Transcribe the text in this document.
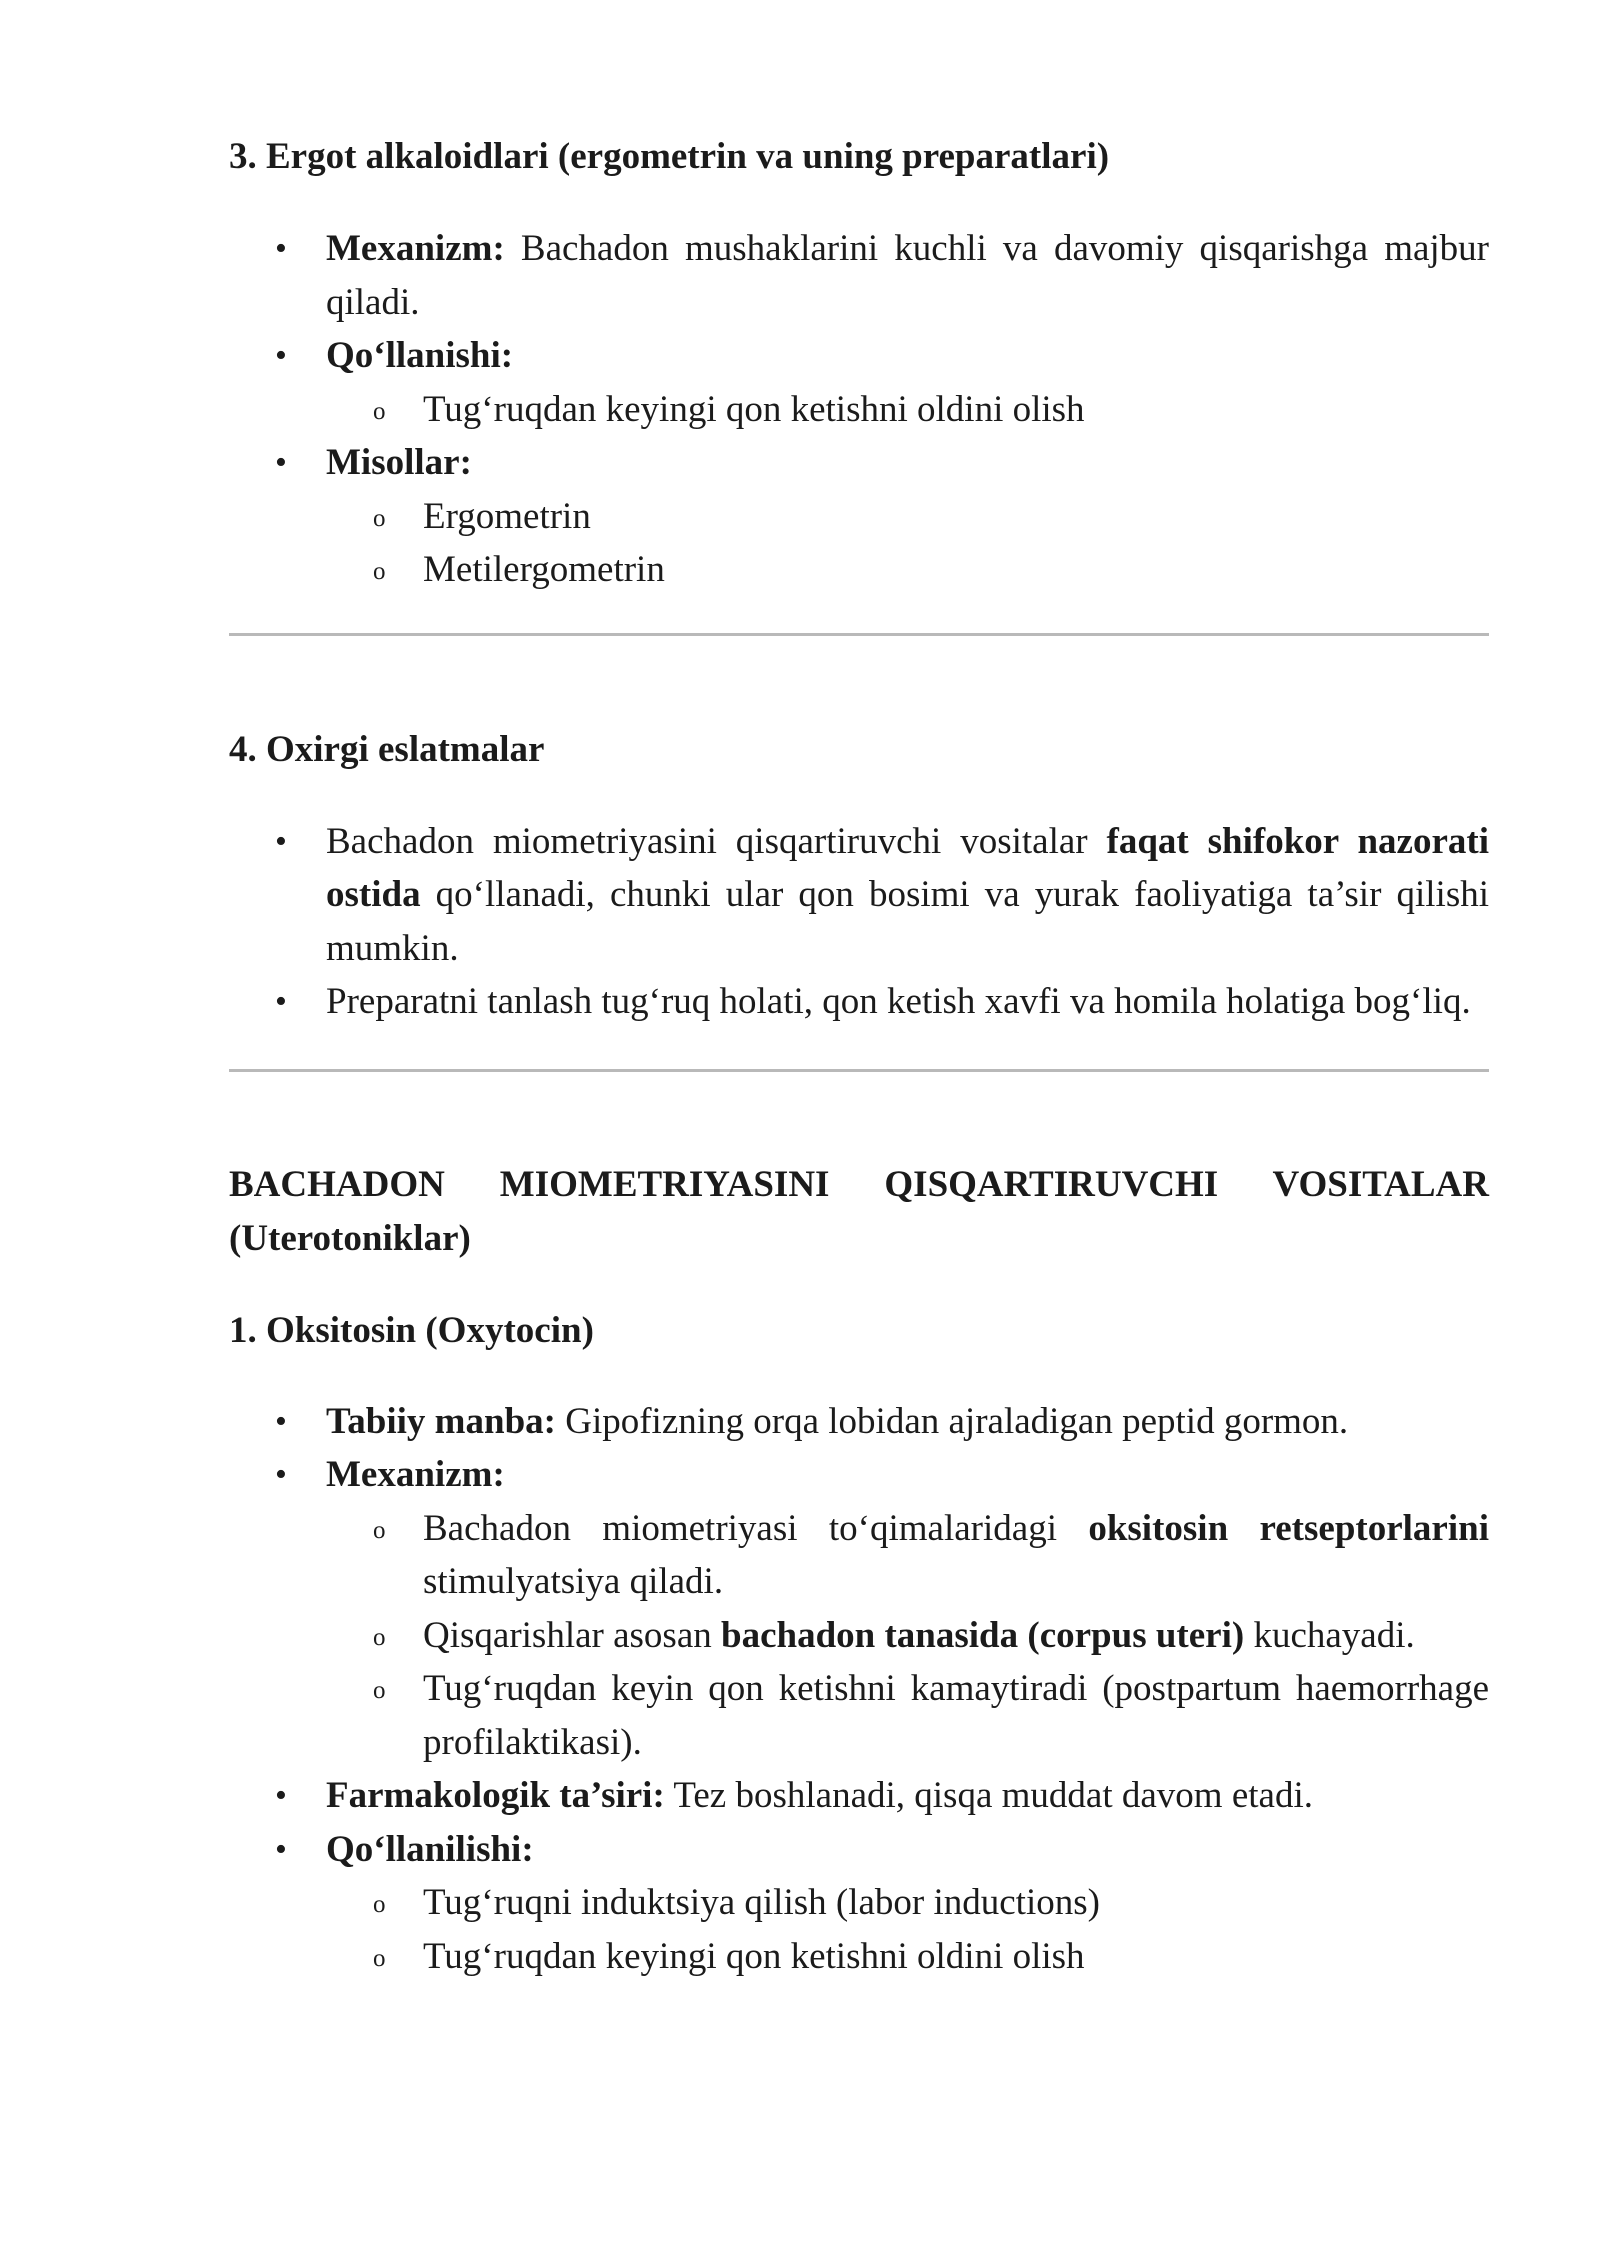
3. Ergot alkaloidlari (ergometrin va uning preparatlari)

• Mexanizm: Bachadon mushaklarini kuchli va davomiy qisqarishga majbur qiladi.
• Qo‘llanishi:
o Tug‘ruqdan keyingi qon ketishni oldini olish
• Misollar:
o Ergometrin
o Metilergometrin

4. Oxirgi eslatmalar

• Bachadon miometriyasini qisqartiruvchi vositalar faqat shifokor nazorati ostida qo‘llanadi, chunki ular qon bosimi va yurak faoliyatiga ta’sir qilishi mumkin.
• Preparatni tanlash tug‘ruq holati, qon ketish xavfi va homila holatiga bog‘liq.

BACHADON MIOMETRIYASINI QISQARTIRUVCHI VOSITALAR (Uterotoniklar)

1. Oksitosin (Oxytocin)

• Tabiiy manba: Gipofizning orqa lobidan ajraladigan peptid gormon.
• Mexanizm:
o Bachadon miometriyasi to‘qimalaridagi oksitosin retseptorlarini stimulyatsiya qiladi.
o Qisqarishlar asosan bachadon tanasida (corpus uteri) kuchayadi.
o Tug‘ruqdan keyin qon ketishni kamaytiradi (postpartum haemorrhage profilaktikasi).
• Farmakologik ta’siri: Tez boshlanadi, qisqa muddat davom etadi.
• Qo‘llanilishi:
o Tug‘ruqni induktsiya qilish (labor inductions)
o Tug‘ruqdan keyingi qon ketishni oldini olish
